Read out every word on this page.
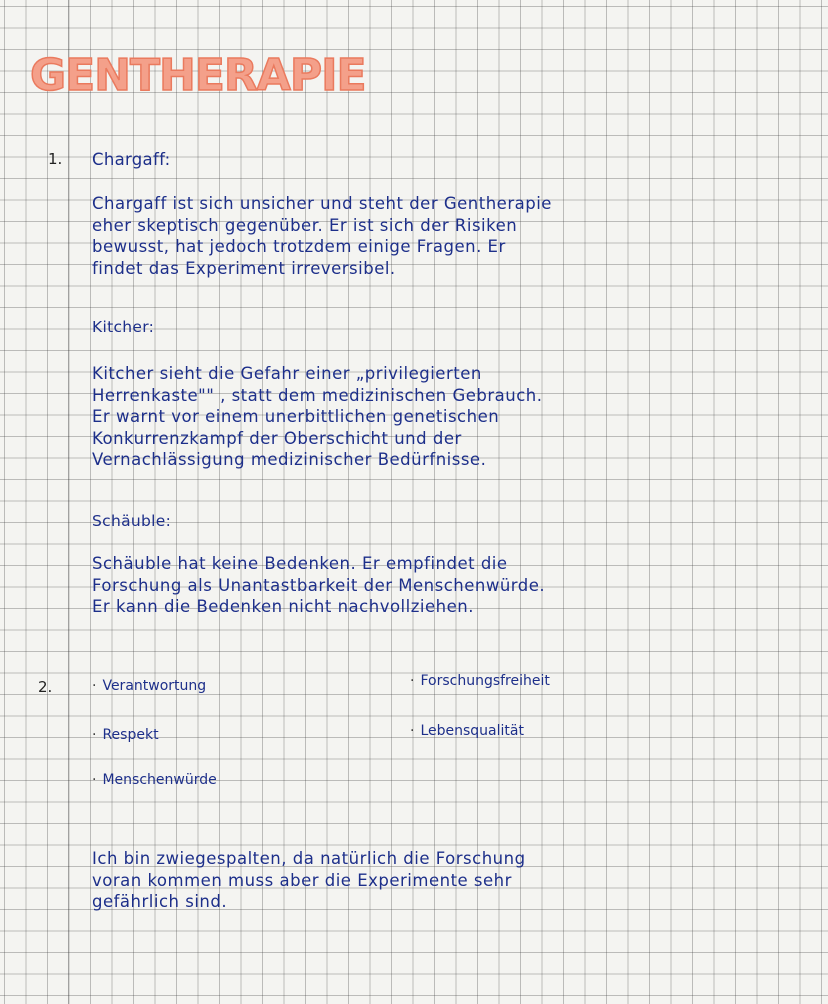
GENTHERAPIE
1. Chargaff:
Chargaff ist sich unsicher und steht der Gentherapie
eher skeptisch gegenüber. Er ist sich der Risiken
bewusst, hat jedoch trotzdem einige Fragen. Er
findet das Experiment irreversibel.
Kitcher:
Kitcher sieht die Gefahr einer „privilegierten
Herrenkaste"" , statt dem medizinischen Gebrauch.
Er warnt vor einem unerbittlichen genetischen
Konkurrenzkampf der Oberschicht und der
Vernachlässigung medizinischer Bedürfnisse.
Schäuble:
Schäuble hat keine Bedenken. Er empfindet die
Forschung als Unantastbarkeit der Menschenwürde.
Er kann die Bedenken nicht nachvollziehen.
2.	· Verantwortung
· Respekt
· Menschenwürde
· Forschungsfreiheit
· Lebensqualität
Ich bin zwiegespalten, da natürlich die Forschung
voran kommen muss aber die Experimente sehr
gefährlich sind.
